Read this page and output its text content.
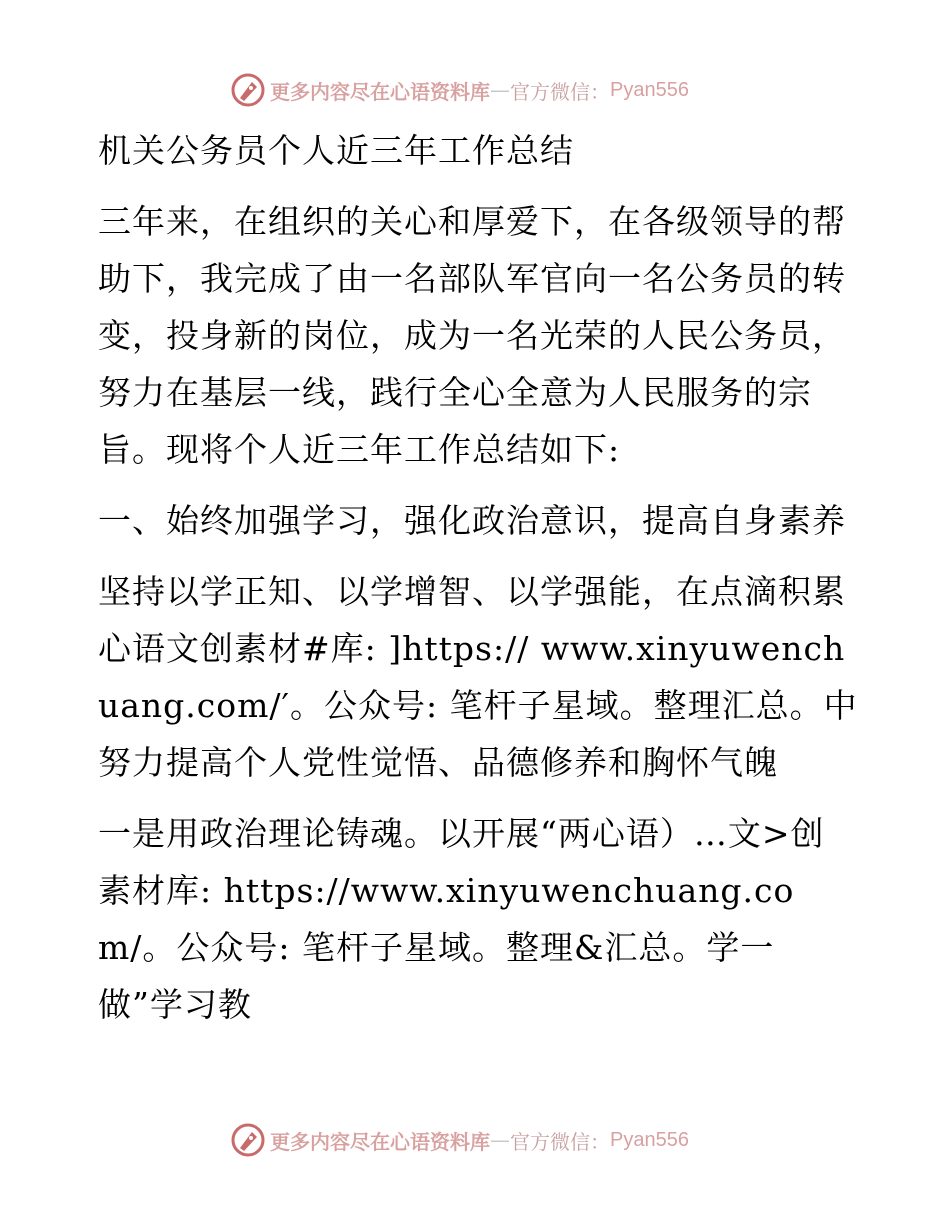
更多内容尽在心语资料库 — 官方微信： Pyan556

机关公务员个人近三年工作总结

三年来，在组织的关心和厚爱下，在各级领导的帮助下，我完成了由一名部队军官向一名公务员的转变，投身新的岗位，成为一名光荣的人民公务员，努力在基层一线，践行全心全意为人民服务的宗旨。现将个人近三年工作总结如下:

一、始终加强学习，强化政治意识，提高自身素养

坚持以学正知、以学增智、以学强能，在点滴积累心语文创素材#库: ]https:// www.xinyuwenchuang.com/′。公众号: 笔杆子星域。整理汇总。中努力提高个人党性觉悟、品德修养和胸怀气魄

一是用政治理论铸魂。以开展“两心语）…文>创素材库: https://www.xinyuwenchuang.com/。公众号: 笔杆子星域。整理&汇总。学一做”学习教

更多内容尽在心语资料库 — 官方微信： Pyan556
